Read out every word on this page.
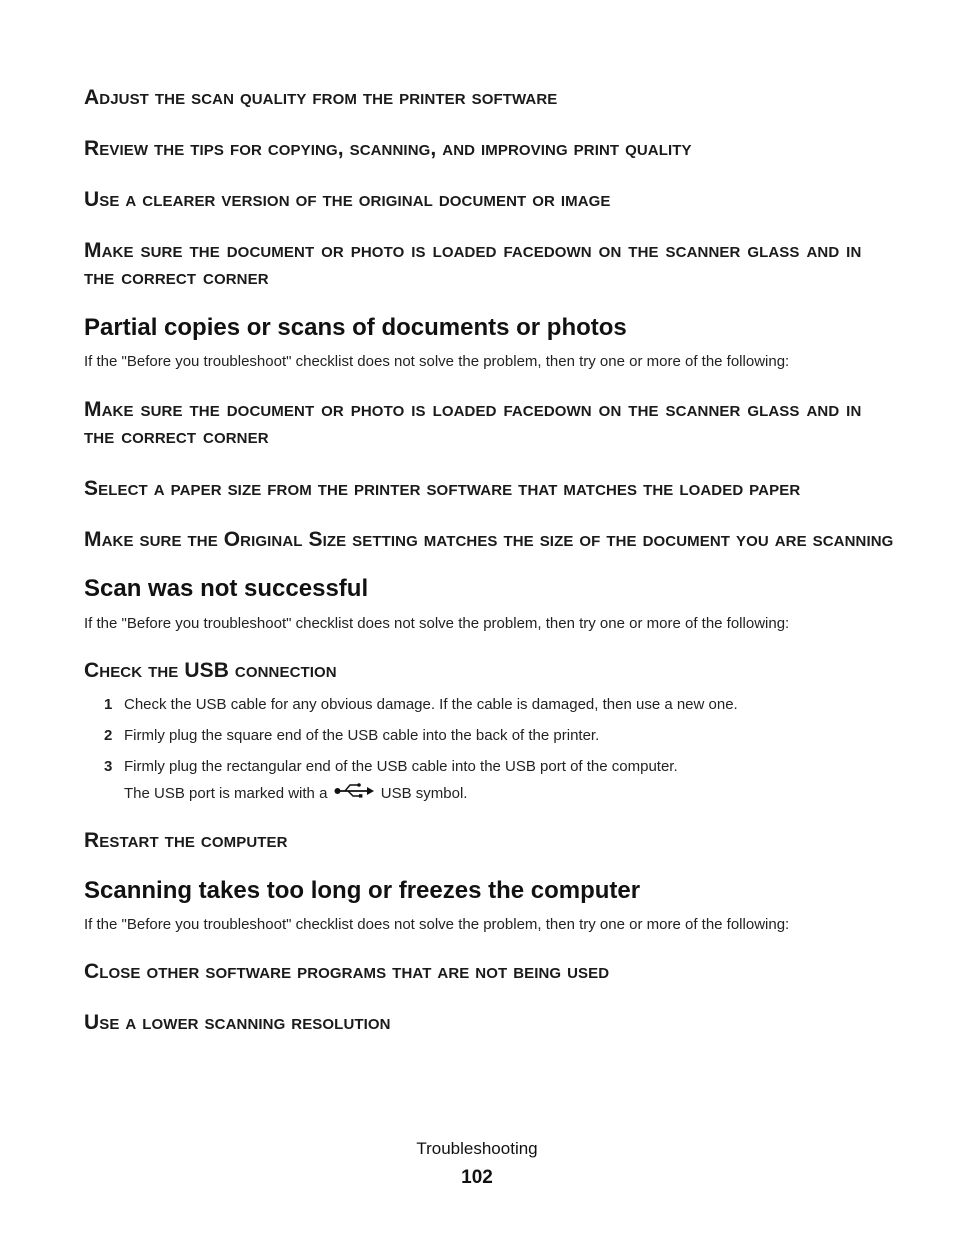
Adjust the scan quality from the printer software
Review the tips for copying, scanning, and improving print quality
Use a clearer version of the original document or image
Make sure the document or photo is loaded facedown on the scanner glass and in the correct corner
Partial copies or scans of documents or photos

If the "Before you troubleshoot" checklist does not solve the problem, then try one or more of the following:

Make sure the document or photo is loaded facedown on the scanner glass and in the correct corner
Select a paper size from the printer software that matches the loaded paper
Make sure the Original Size setting matches the size of the document you are scanning
Scan was not successful

If the "Before you troubleshoot" checklist does not solve the problem, then try one or more of the following:

Check the USB connection

1 Check the USB cable for any obvious damage. If the cable is damaged, then use a new one.

2 Firmly plug the square end of the USB cable into the back of the printer.

3 Firmly plug the rectangular end of the USB cable into the USB port of the computer.

The USB port is marked with a	USB symbol.

Restart the computer
Scanning takes too long or freezes the computer

If the "Before you troubleshoot" checklist does not solve the problem, then try one or more of the following:

Close other software programs that are not being used
Use a lower scanning resolution
Troubleshooting
102
